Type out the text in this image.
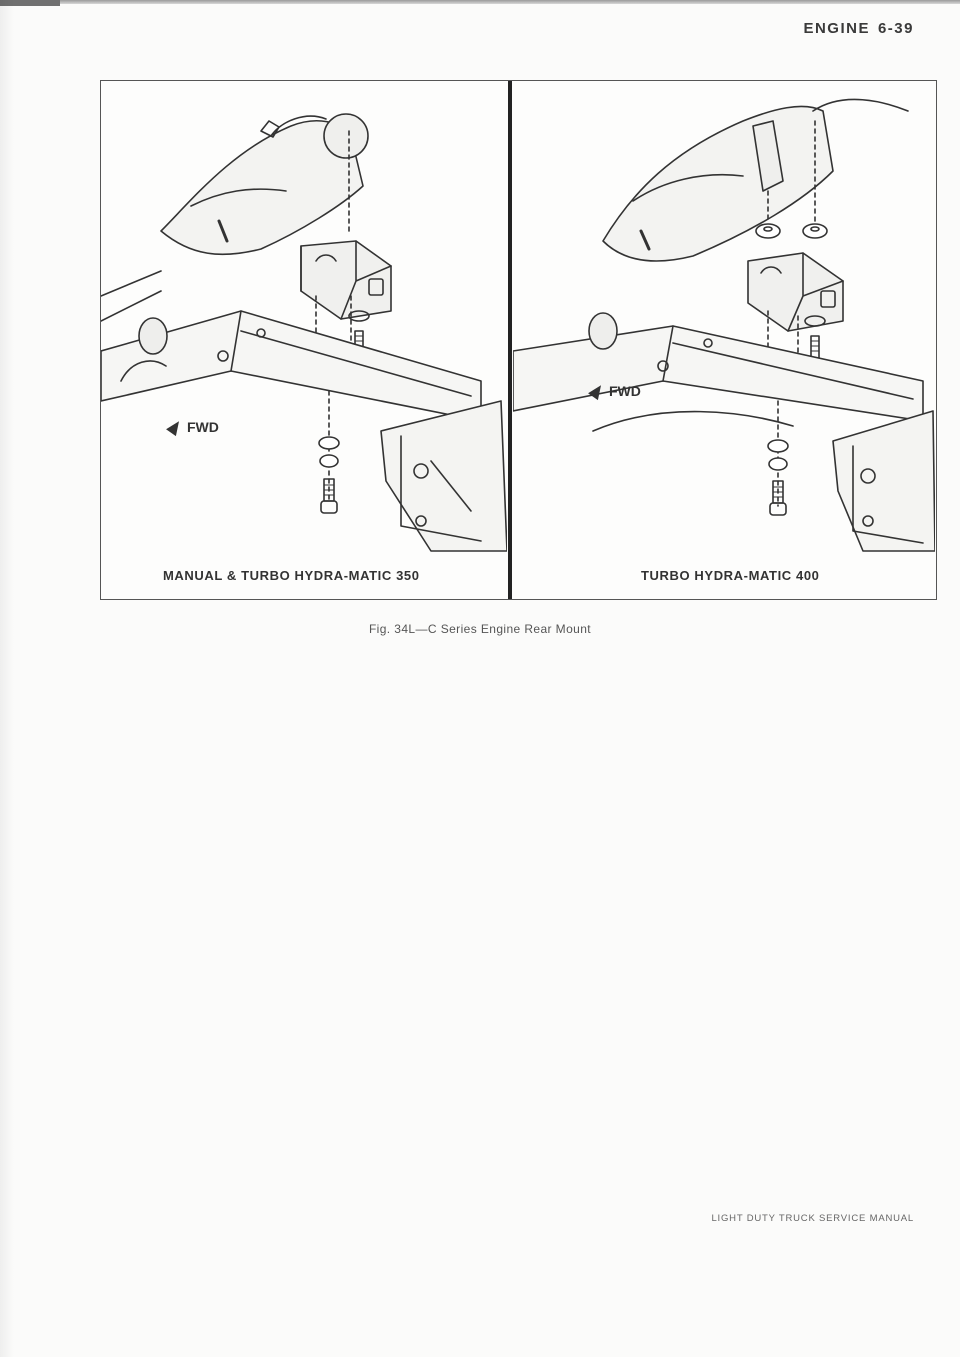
ENGINE 6-39
FWD
MANUAL & TURBO HYDRA-MATIC 350
FWD
TURBO HYDRA-MATIC 400
Fig. 34L—C Series Engine Rear Mount
LIGHT DUTY TRUCK SERVICE MANUAL
